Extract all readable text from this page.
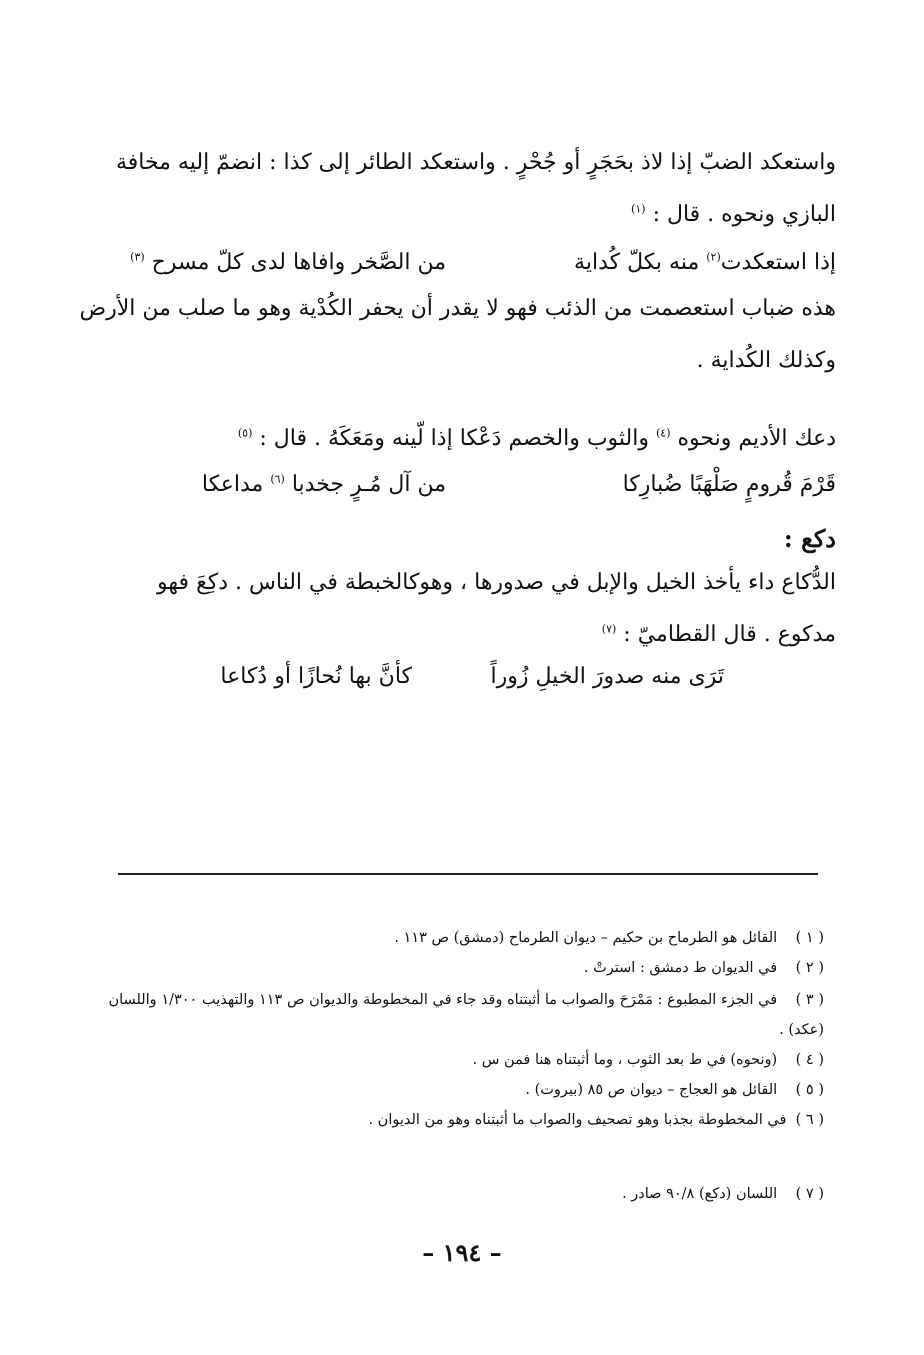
واستعكد الضبّ إذا لاذ بحَجَرٍ أو جُحْرٍ . واستعكد الطائر إلى كذا : انضمّ إليه مخافة
البازي ونحوه . قال : $^{(١)}$
إذا استعكدت$^{(٢)}$ منه بكلّ كُداية
من الصَّخر وافاها لدى كلّ مسرح $^{(٣)}$
هذه ضباب استعصمت من الذئب فهو لا يقدر أن يحفر الكُدْية وهو ما صلب من الأرض
وكذلك الكُداية .
دعك الأديم ونحوه $^{(٤)}$ والثوب والخصم دَعْكا إذا لّينه ومَعَكَهُ . قال : $^{(٥)}$
قَرْمَ قُرومٍ صَلْهَبًا ضُبارِكا
من آل مُـرٍ جخدبا $^{(٦)}$ مداعكا
دكع :
الدُّكاع داء يأخذ الخيل والإبل في صدورها ، وهوكالخبطة في الناس . دكِعَ فهو
مدكوع . قال القطاميّ : $^{(٧)}$
تَرَى منه صدورَ الخيلِ زُوراً
كأنَّ بها نُحازًا أو دُكاعا
( ١ )    القائل هو الطرماح بن حكيم – ديوان الطرماح (دمشق) ص ١١٣ .
( ٢ )    في الديوان ط دمشق : استرتْ .
( ٣ )    في الجزء المطبوع : مَمْرَحَ والصواب ما أثبتناه وقد جاء في المخطوطة والديوان ص ١١٣ والتهذيب ١/٣٠٠ واللسان
(عكد) .
( ٤ )    (ونحوه) في ط بعد الثوب ، وما أثبتناه هنا فمن س .
( ٥ )    القائل هو العجاج – ديوان ص ٨٥ (بيروت) .
( ٦ )  في المخطوطة بجذبا وهو تصحيف والصواب ما أثبتناه وهو من الديوان .
( ٧ )    اللسان (دكع) ٩٠/٨ صادر .
– ١٩٤ –
